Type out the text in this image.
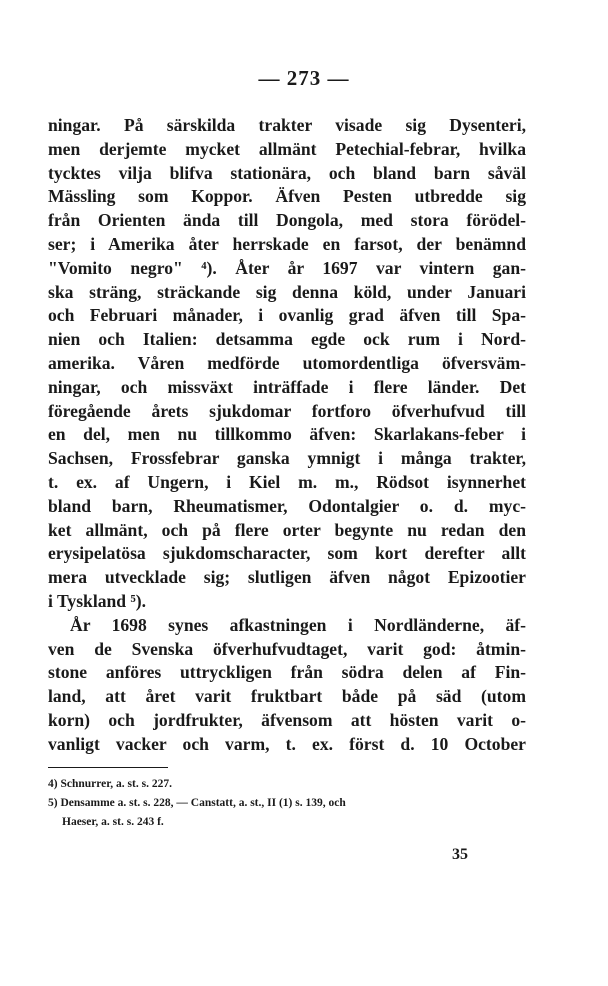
— 273 —
ningar. På särskilda trakter visade sig Dysenteri,
men derjemte mycket allmänt Petechial-febrar, hvilka
tycktes vilja blifva stationära, och bland barn såväl
Mässling som Koppor. Äfven Pesten utbredde sig
från Orienten ända till Dongola, med stora förödel-
ser; i Amerika åter herrskade en farsot, der benämnd
"Vomito negro" ⁴). Åter år 1697 var vintern gan-
ska sträng, sträckande sig denna köld, under Januari
och Februari månader, i ovanlig grad äfven till Spa-
nien och Italien: detsamma egde ock rum i Nord-
amerika. Våren medförde utomordentliga öfversväm-
ningar, och missväxt inträffade i flere länder. Det
föregående årets sjukdomar fortforo öfverhufvud till
en del, men nu tillkommo äfven: Skarlakans-feber i
Sachsen, Frossfebrar ganska ymnigt i många trakter,
t. ex. af Ungern, i Kiel m. m., Rödsot isynnerhet
bland barn, Rheumatismer, Odontalgier o. d. myc-
ket allmänt, och på flere orter begynte nu redan den
erysipelatösa sjukdomscharacter, som kort derefter allt
mera utvecklade sig; slutligen äfven något Epizootier
i Tyskland ⁵).
År 1698 synes afkastningen i Nordländerne, äf-
ven de Svenska öfverhufvudtaget, varit god: åtmin-
stone anföres uttryckligen från södra delen af Fin-
land, att året varit fruktbart både på säd (utom
korn) och jordfrukter, äfvensom att hösten varit o-
vanligt vacker och varm, t. ex. först d. 10 October
4) Schnurrer, a. st. s. 227.
5) Densamme a. st. s. 228, — Canstatt, a. st., II (1) s. 139, och
Haeser, a. st. s. 243 f.
35
